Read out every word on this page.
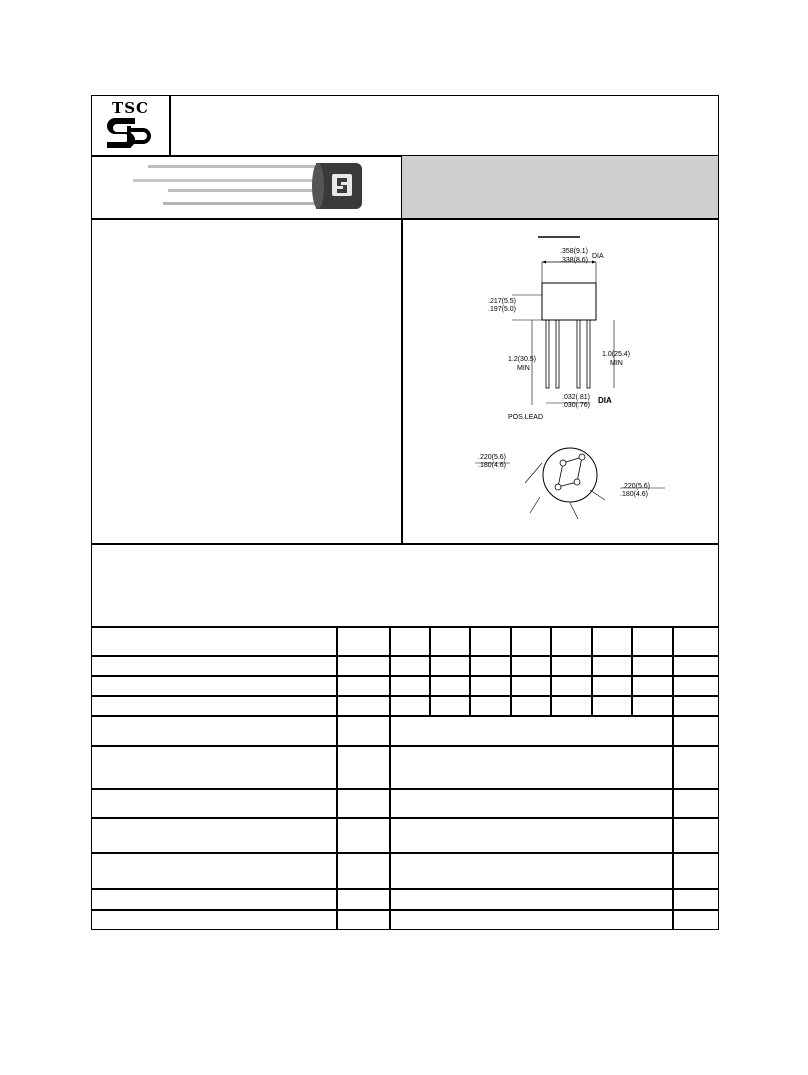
TSC
.358(9.1)
.338(8.6)
DIA
.217(5.5)
.197(5.0)
1.2(30.5)
MIN
1.0(25.4)
MIN
.032(.81)
.030(.76)
DIA
POS.LEAD
.220(5.6)
.180(4.6)
.220(5.6)
.180(4.6)
